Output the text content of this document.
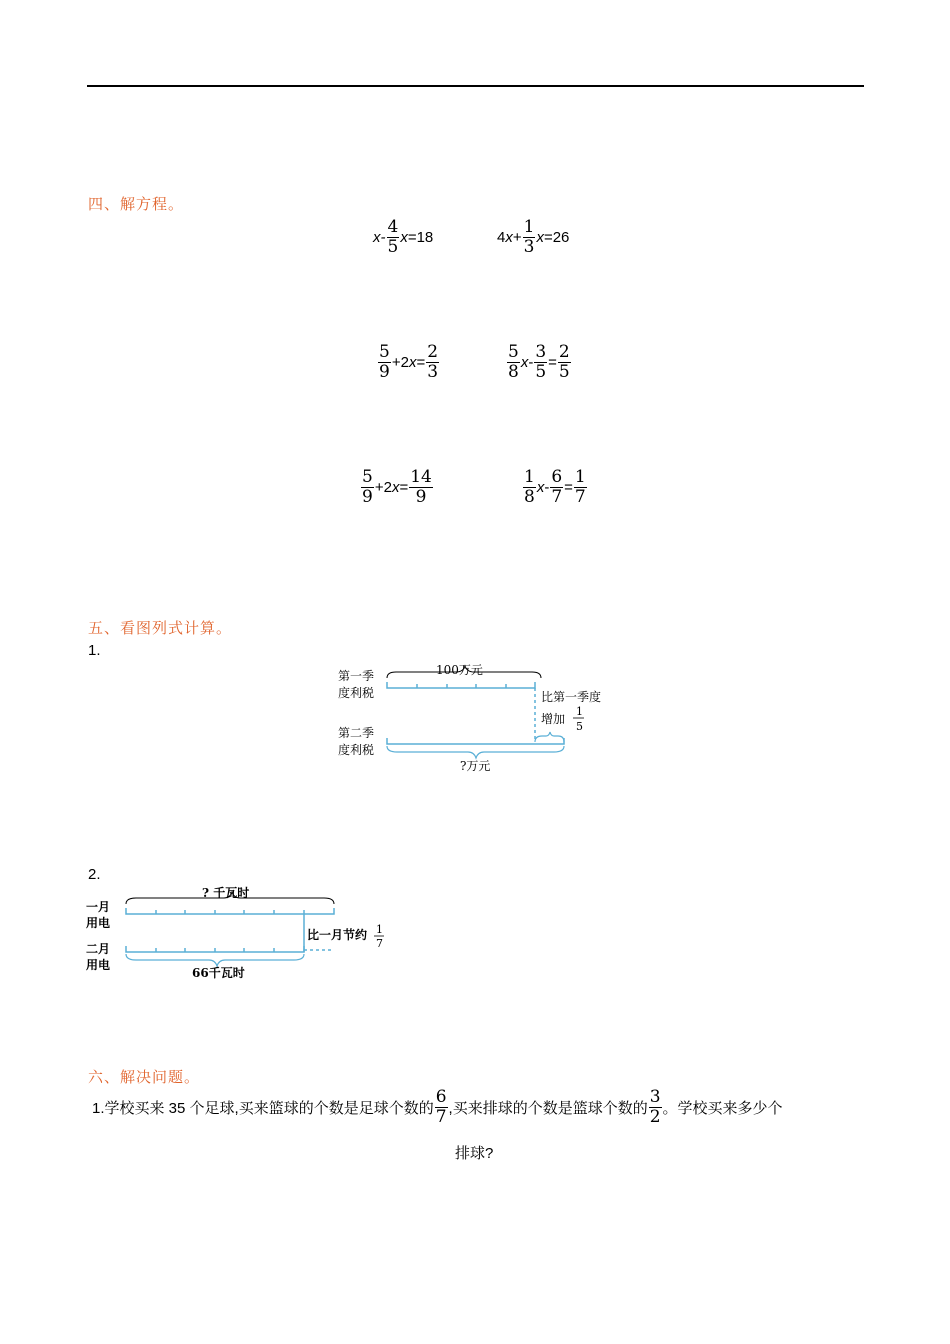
四、解方程。
$x- \frac{4}{5}$ x =18	4 $x + \frac{1}{3}$ x =26
$\frac{5}{9} +2$ $x = \frac{2}{3}$	$\frac{5}{8}$ $x - \frac{3}{5} = \frac{2}{5}$
$\frac{5}{9} +2$ $x = \frac{14}{9}$	$\frac{1}{8}$ $x - \frac{6}{7} = \frac{1}{7}$
五、看图列式计算。
1.
100万元
第一季
度利税
第二季
度利税
?万元
比第一季度
增加
1
5
2.
? 千瓦时
一月
用电
二月
用电
66千瓦时
比一月节约 1
7
六、解决问题。
1.学校买来 35 个足球,买来篮球的个数是足球个数的 $\frac{6}{7}$ ,买来排球的个数是篮球个数的 $\frac{3}{2}$ 。学校买来多少个
排球?
